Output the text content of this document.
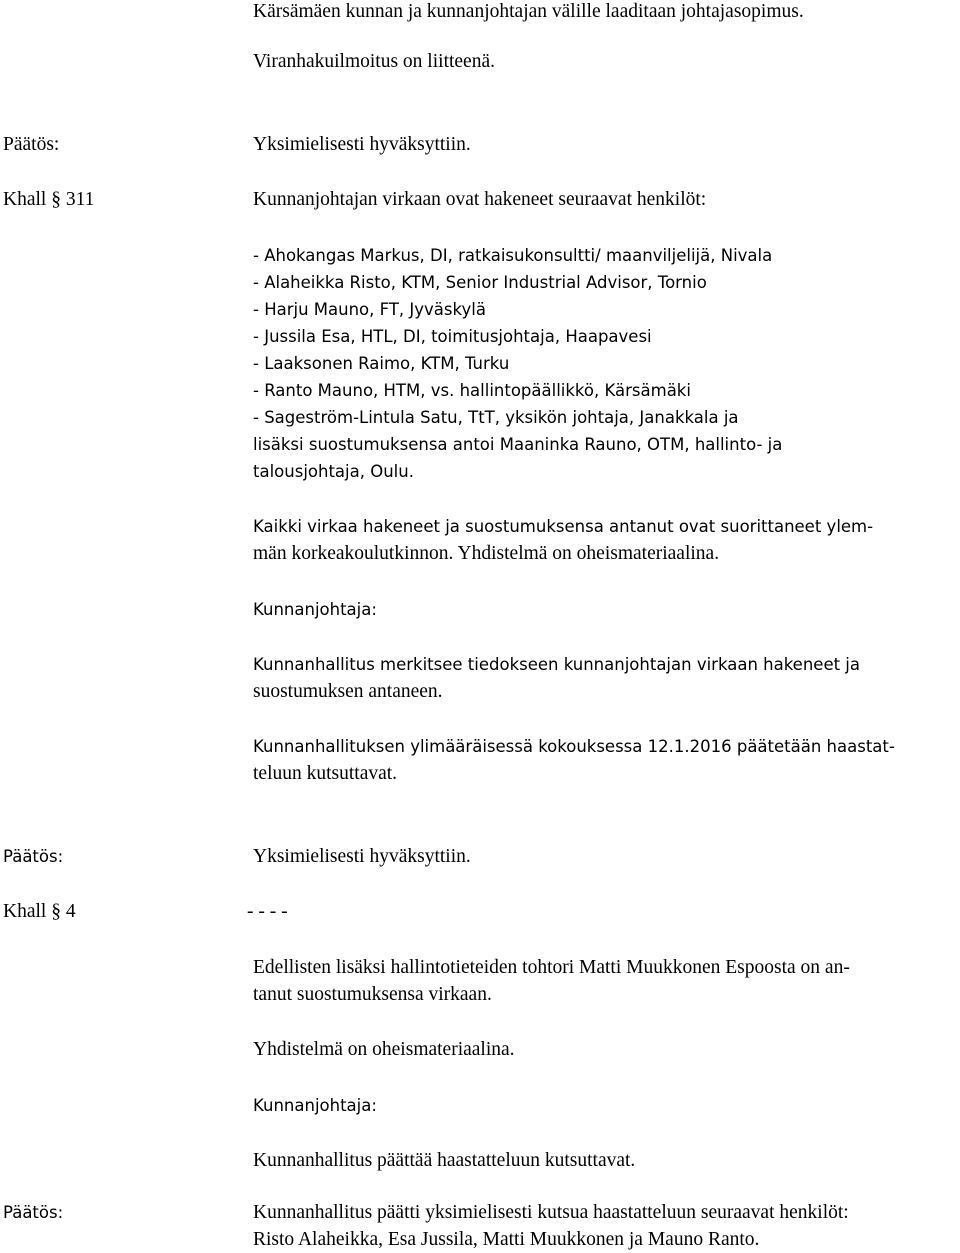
Kärsämäen kunnan ja kunnanjohtajan välille laaditaan johtajasopimus.
Viranhakuilmoitus on liitteenä.
Päätös:	Yksimielisesti hyväksyttiin.
Khall § 311	Kunnanjohtajan virkaan ovat hakeneet seuraavat henkilöt:
- Ahokangas Markus, DI, ratkaisukonsultti/ maanviljelijä, Nivala
- Alaheikka Risto, KTM, Senior Industrial Advisor, Tornio
- Harju Mauno, FT, Jyväskylä
- Jussila Esa, HTL, DI, toimitusjohtaja, Haapavesi
- Laaksonen Raimo, KTM, Turku
- Ranto Mauno, HTM, vs. hallintopäällikkö, Kärsämäki
- Sageström-Lintula Satu, TtT, yksikön johtaja, Janakkala ja
lisäksi suostumuksensa antoi Maaninka Rauno, OTM, hallinto- ja
talousjohtaja, Oulu.
Kaikki virkaa hakeneet ja suostumuksensa antanut ovat suorittaneet ylem-
män korkeakoulutkinnon. Yhdistelmä on oheismateriaalina.
Kunnanjohtaja:
Kunnanhallitus merkitsee tiedokseen kunnanjohtajan virkaan hakeneet ja
suostumuksen antaneen.
Kunnanhallituksen ylimääräisessä kokouksessa 12.1.2016 päätetään haastat-
teluun kutsuttavat.
Päätös:	Yksimielisesti hyväksyttiin.
Khall § 4	- - - -
Edellisten lisäksi hallintotieteiden tohtori Matti Muukkonen Espoosta on an-
tanut suostumuksensa virkaan.
Yhdistelmä on oheismateriaalina.
Kunnanjohtaja:
Kunnanhallitus päättää haastatteluun kutsuttavat.
Päätös:	Kunnanhallitus päätti yksimielisesti kutsua haastatteluun seuraavat henkilöt:
Risto Alaheikka, Esa Jussila, Matti Muukkonen ja Mauno Ranto.
